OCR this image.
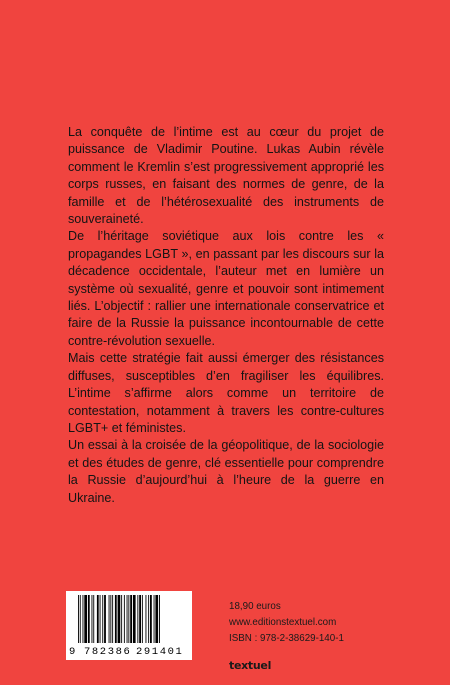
La conquête de l’intime est au cœur du projet de puissance de Vladimir Poutine. Lukas Aubin révèle comment le Kremlin s’est progressivement approprié les corps russes, en faisant des normes de genre, de la famille et de l’hétérosexualité des instruments de souveraineté.

De l’héritage soviétique aux lois contre les « propagandes LGBT », en passant par les discours sur la décadence occidentale, l’auteur met en lumière un système où sexualité, genre et pouvoir sont intimement liés. L’objectif : rallier une internationale conservatrice et faire de la Russie la puissance incontournable de cette contre-révolution sexuelle.

Mais cette stratégie fait aussi émerger des résistances diffuses, susceptibles d’en fragiliser les équilibres. L’intime s’affirme alors comme un territoire de contestation, notamment à travers les contre-cultures LGBT+ et féministes.

Un essai à la croisée de la géopolitique, de la sociologie et des études de genre, clé essentielle pour comprendre la Russie d’aujourd’hui à l’heure de la guerre en Ukraine.

9 782386 291401
18,90 euros
www.editionstextuel.com
ISBN : 978-2-38629-140-1
textuel
